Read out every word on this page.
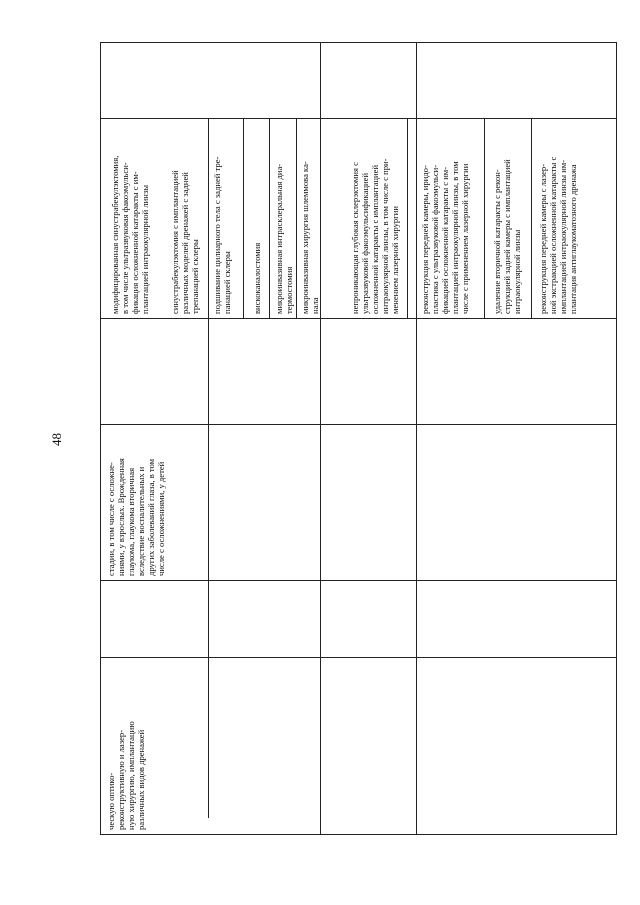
48
ческую оптико- реконструктивную и лазер- ную хирургию, имплантацию различных видов дренажей
стадии, в том числе с осложне- ниями, у взрослых. Врожденная глаукома, глаукома вторичная вследствие воспалительных и других заболеваний глаза, в том числе с осложнениями, у детей
модифицированная синустрабекулэктомия, в том числе ультразвуковая факоэмульси- фикация осложненной катаракты с им- плантацией интраокулярной линзы синустрабекулэктомия с имплантацией различных моделей дренажей с задней трепанацией склеры подшивание цилиарного тела с задней тре- панацией склеры вискоканалостомия микроинвазивная интрасклеральная диа- термостомия микроинвазивная хирургия шлеммова ка- нала	непроникающая глубокая склерэктомия с ультразвуковой факоэмульсификацией осложненной катаракты с имплантацией интраокулярной линзы, в том числе с при- менением лазерной хирургии реконструкция передней камеры, иридо- пластика с ультразвуковой факоэмульси- фикацией осложненной катаракты с им- плантацией интраокулярной линзы, в том числе с применением лазерной хирургии	удаление вторичной катаракты с рекон- струкцией задней камеры с имплантацией интраокулярной линзы реконструкция передней камеры с лазер- ной экстракцией осложненной катаракты с имплантацией интраокулярной линзы им- плантация антиглаукоматозного дренажа
